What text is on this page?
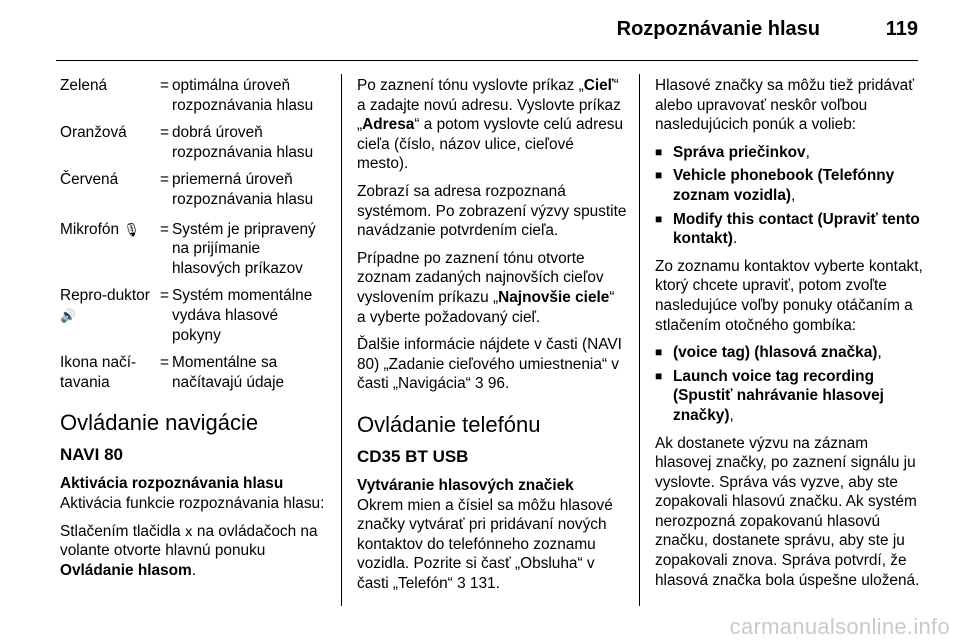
Rozpoznávanie hlasu	119
Zelená	=	optimálna úroveň rozpoznávania hlasu
Oranžová	=	dobrá úroveň rozpoznávania hlasu
Červená	=	priemerná úroveň rozpoznávania hlasu
Mikrofón 🎙	=	Systém je pripravený na prijímanie hlasových príkazov
Repro-duktor 🔊	=	Systém momentálne vydáva hlasové pokyny
Ikona načí-tavania	=	Momentálne sa načítavajú údaje
Ovládanie navigácie
NAVI 80

Aktivácia rozpoznávania hlasu

Aktivácia funkcie rozpoznávania hlasu:

Stlačením tlačidla 𝗑 na ovládačoch na volante otvorte hlavnú ponuku Ovládanie hlasom.

Po zaznení tónu vyslovte príkaz „Cieľ“ a zadajte novú adresu. Vyslovte príkaz „Adresa“ a potom vyslovte celú adresu cieľa (číslo, názov ulice, cieľové mesto).

Zobrazí sa adresa rozpoznaná systémom. Po zobrazení výzvy spustite navádzanie potvrdením cieľa.

Prípadne po zaznení tónu otvorte zoznam zadaných najnovších cieľov vyslovením príkazu „Najnovšie ciele“ a vyberte požadovaný cieľ.

Ďalšie informácie nájdete v časti (NAVI 80) „Zadanie cieľového umiestnenia“ v časti „Navigácia“ 3 96.

Ovládanie telefónu
CD35 BT USB

Vytváranie hlasových značiek

Okrem mien a čísiel sa môžu hlasové značky vytvárať pri pridávaní nových kontaktov do telefónneho zoznamu vozidla. Pozrite si časť „Obsluha“ v časti „Telefón“ 3 131.

Hlasové značky sa môžu tiež pridávať alebo upravovať neskôr voľbou nasledujúcich ponúk a volieb:

■ Správa priečinkov,
■ Vehicle phonebook (Telefónny zoznam vozidla),
■ Modify this contact (Upraviť tento kontakt).

Zo zoznamu kontaktov vyberte kontakt, ktorý chcete upraviť, potom zvoľte nasledujúce voľby ponuky otáčaním a stlačením otočného gombíka:

■ (voice tag) (hlasová značka),
■ Launch voice tag recording (Spustiť nahrávanie hlasovej značky),

Ak dostanete výzvu na záznam hlasovej značky, po zaznení signálu ju vyslovte. Správa vás vyzve, aby ste zopakovali hlasovú značku. Ak systém nerozpozná zopakovanú hlasovú značku, dostanete správu, aby ste ju zopakovali znova. Správa potvrdí, že hlasová značka bola úspešne uložená.

carmanualsonline.info
